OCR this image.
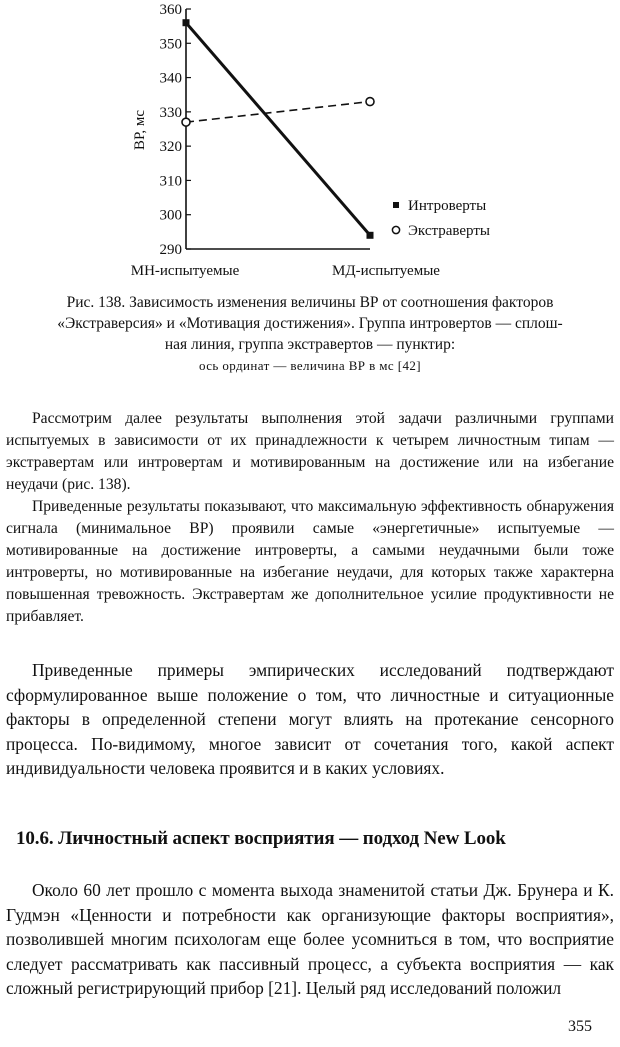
290
300
310
320
330
340
350
360
МН-испытуемые	МД-испытуемые
ВР, мс
Интроверты
Экстраверты
Рис. 138. Зависимость изменения величины ВР от соотношения факторов
«Экстраверсия» и «Мотивация достижения». Группа интровертов — сплош-
ная линия, группа экстравертов — пунктир:
ось ординат — величина ВР в мс [42]

Рассмотрим далее результаты выполнения этой задачи различными группами испытуемых в зависимости от их принадлежности к четырем личностным типам — экстравертам или интровертам и мотивированным на достижение или на избегание неудачи (рис. 138).

Приведенные результаты показывают, что максимальную эффективность обнаружения сигнала (минимальное ВР) проявили самые «энергетичные» испытуемые — мотивированные на достижение интроверты, а самыми неудачными были тоже интроверты, но мотивированные на избегание неудачи, для которых также характерна повышенная тревожность. Экстравертам же дополнительное усилие продуктивности не прибавляет.

Приведенные примеры эмпирических исследований подтверждают сформулированное выше положение о том, что личностные и ситуационные факторы в определенной степени могут влиять на протекание сенсорного процесса. По-видимому, многое зависит от сочетания того, какой аспект индивидуальности человека проявится и в каких условиях.

10.6. Личностный аспект восприятия — подход New Look

Около 60 лет прошло с момента выхода знаменитой статьи Дж. Брунера и К. Гудмэн «Ценности и потребности как организующие факторы восприятия», позволившей многим психологам еще более усомниться в том, что восприятие следует рассматривать как пассивный процесс, а субъекта восприятия — как сложный регистрирующий прибор [21]. Целый ряд исследований положил

355
